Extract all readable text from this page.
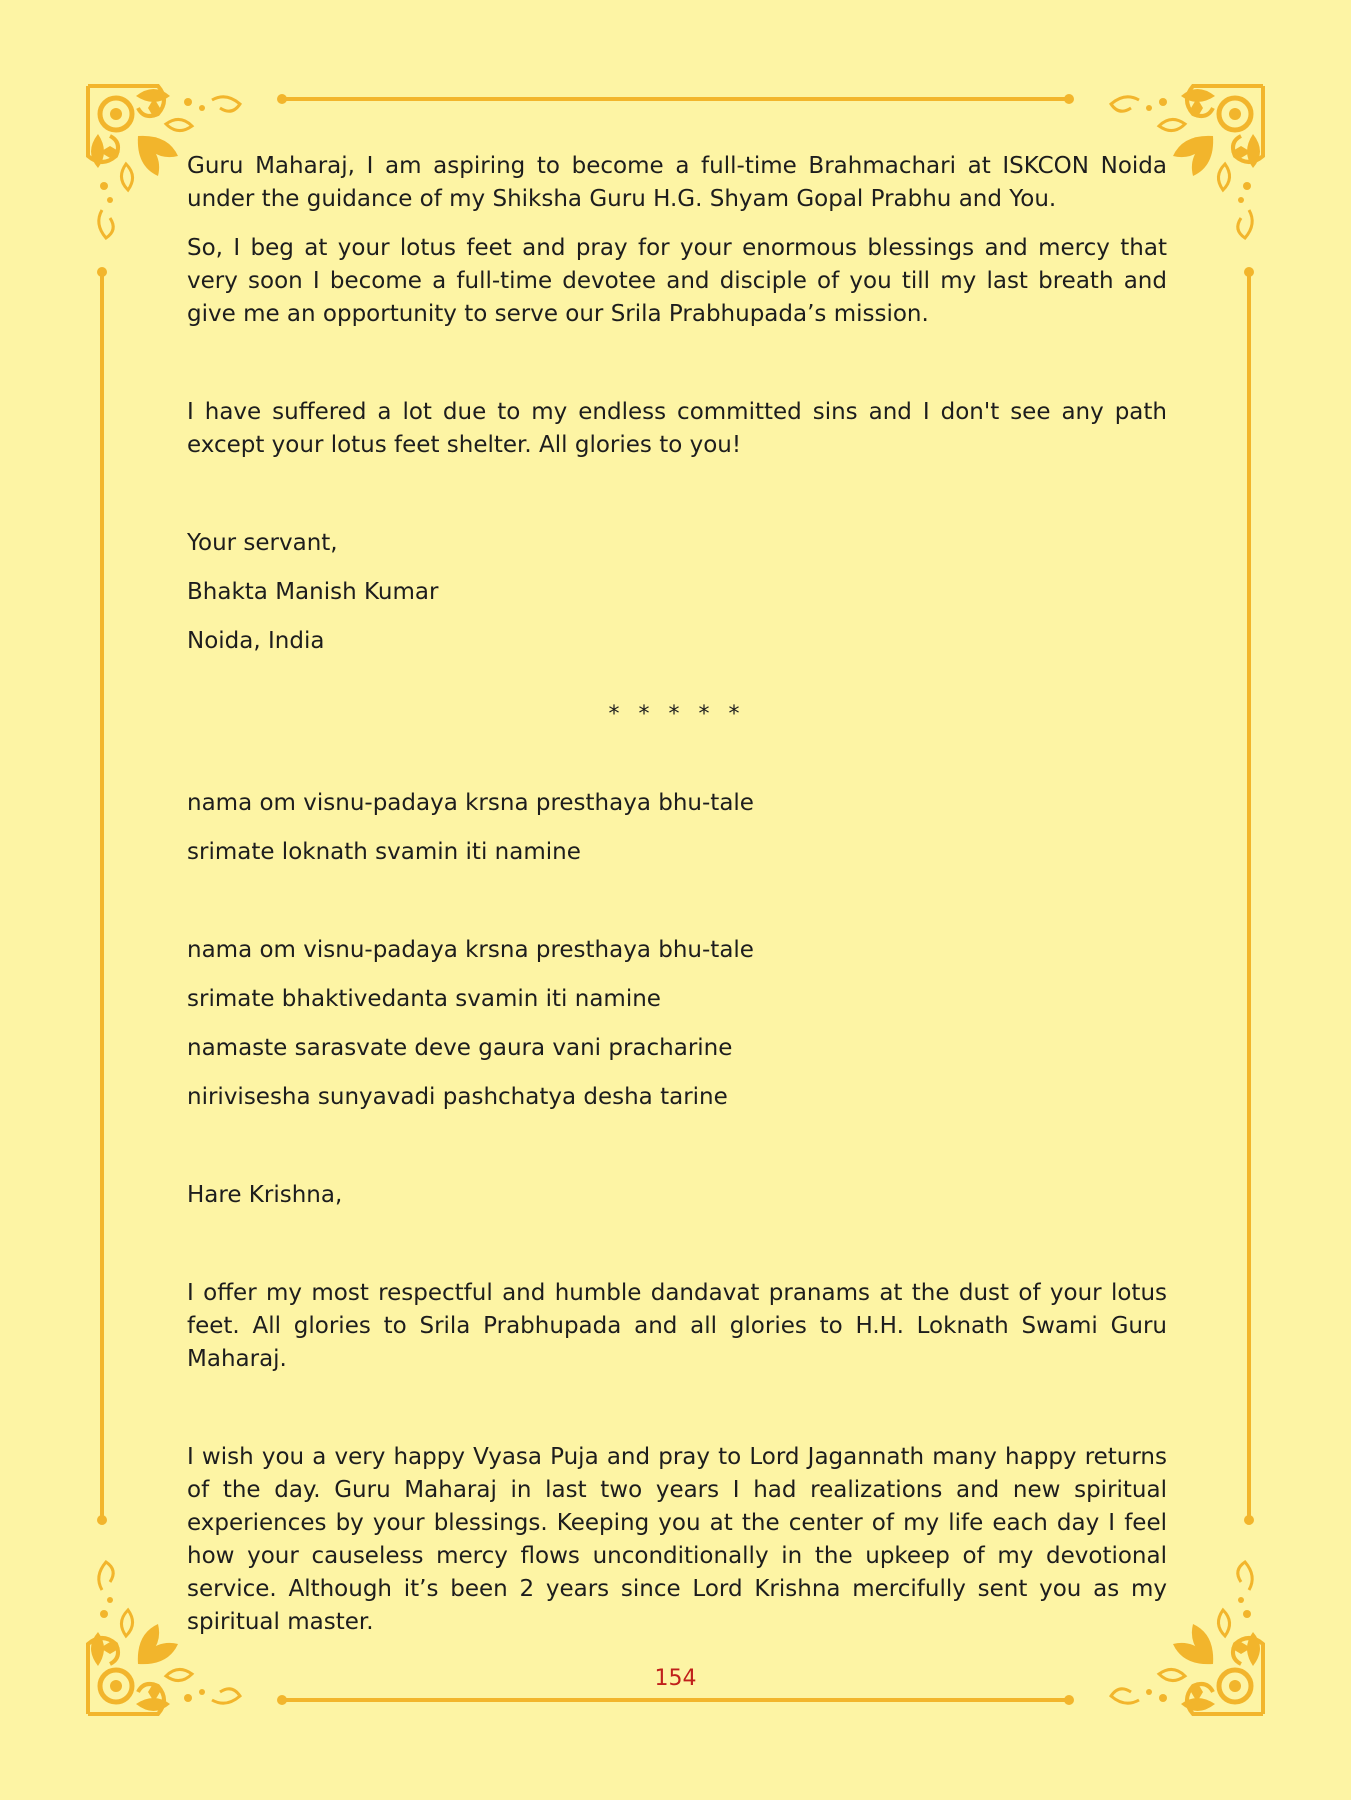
Guru Maharaj, I am aspiring to become a full-time Brahmachari at ISKCON Noida under the guidance of my Shiksha Guru H.G. Shyam Gopal Prabhu and You.

So, I beg at your lotus feet and pray for your enormous blessings and mercy that very soon I become a full-time devotee and disciple of you till my last breath and give me an opportunity to serve our Srila Prabhupada’s mission.

I have suffered a lot due to my endless committed sins and I don't see any path except your lotus feet shelter. All glories to you!

Your servant,

Bhakta Manish Kumar

Noida, India

* * * * *

nama om visnu-padaya krsna presthaya bhu-tale

srimate loknath svamin iti namine

nama om visnu-padaya krsna presthaya bhu-tale

srimate bhaktivedanta svamin iti namine

namaste sarasvate deve gaura vani pracharine

nirivisesha sunyavadi pashchatya desha tarine

Hare Krishna,

I offer my most respectful and humble dandavat pranams at the dust of your lotus feet. All glories to Srila Prabhupada and all glories to H.H. Loknath Swami Guru Maharaj.

I wish you a very happy Vyasa Puja and pray to Lord Jagannath many happy returns of the day. Guru Maharaj in last two years I had realizations and new spiritual experiences by your blessings. Keeping you at the center of my life each day I feel how your causeless mercy flows unconditionally in the upkeep of my devotional service. Although it’s been 2 years since Lord Krishna mercifully sent you as my spiritual master.

154
